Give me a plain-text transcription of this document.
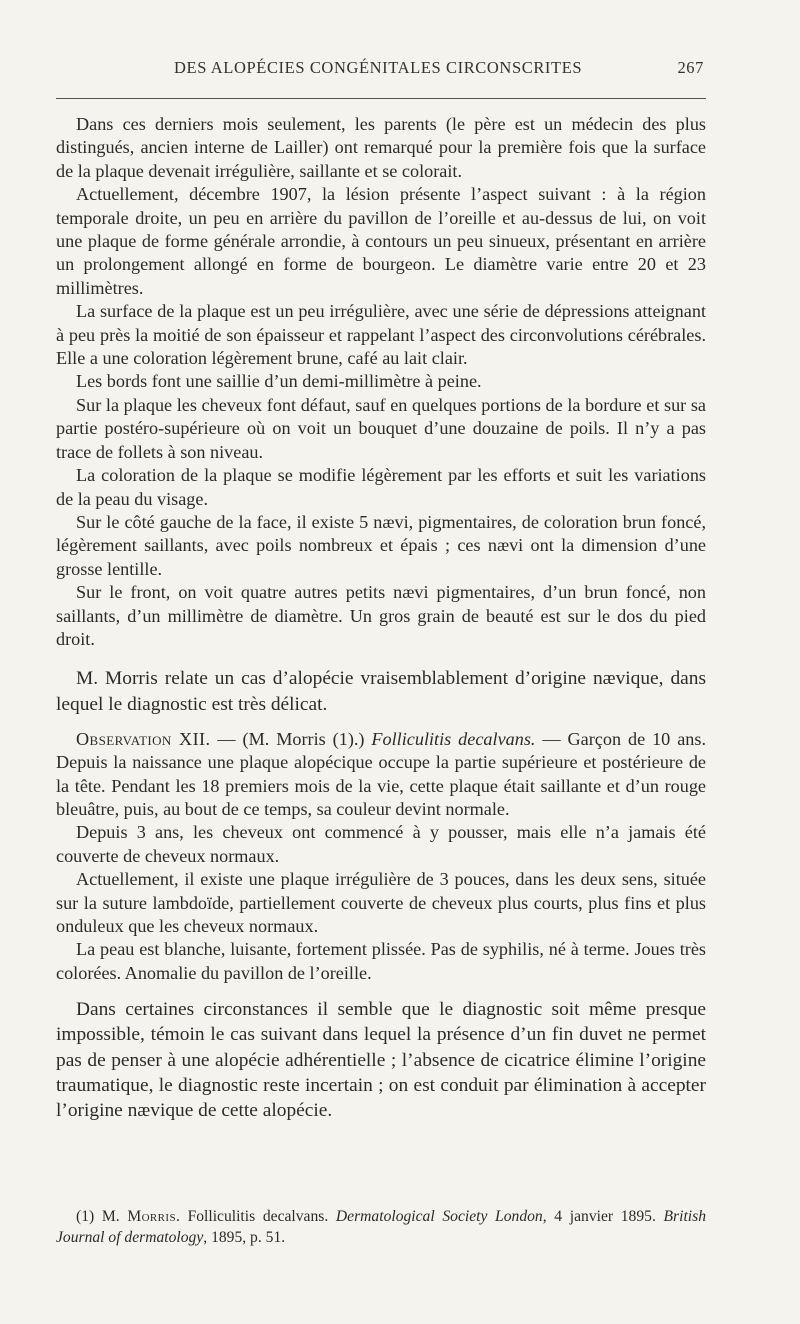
DES ALOPÉCIES CONGÉNITALES CIRCONSCRITES	267

Dans ces derniers mois seulement, les parents (le père est un médecin des plus distingués, ancien interne de Lailler) ont remarqué pour la première fois que la surface de la plaque devenait irrégulière, saillante et se colorait.

Actuellement, décembre 1907, la lésion présente l’aspect suivant : à la région temporale droite, un peu en arrière du pavillon de l’oreille et au-dessus de lui, on voit une plaque de forme générale arrondie, à contours un peu sinueux, présentant en arrière un prolongement allongé en forme de bourgeon. Le diamètre varie entre 20 et 23 millimètres.

La surface de la plaque est un peu irrégulière, avec une série de dépressions atteignant à peu près la moitié de son épaisseur et rappelant l’aspect des circonvolutions cérébrales. Elle a une coloration légèrement brune, café au lait clair.

Les bords font une saillie d’un demi-millimètre à peine.

Sur la plaque les cheveux font défaut, sauf en quelques portions de la bordure et sur sa partie postéro-supérieure où on voit un bouquet d’une douzaine de poils. Il n’y a pas trace de follets à son niveau.

La coloration de la plaque se modifie légèrement par les efforts et suit les variations de la peau du visage.

Sur le côté gauche de la face, il existe 5 nævi, pigmentaires, de coloration brun foncé, légèrement saillants, avec poils nombreux et épais ; ces nævi ont la dimension d’une grosse lentille.

Sur le front, on voit quatre autres petits nævi pigmentaires, d’un brun foncé, non saillants, d’un millimètre de diamètre. Un gros grain de beauté est sur le dos du pied droit.

M. Morris relate un cas d’alopécie vraisemblablement d’origine nævique, dans lequel le diagnostic est très délicat.

Observation XII. — (M. Morris (1).) Folliculitis decalvans. — Garçon de 10 ans. Depuis la naissance une plaque alopécique occupe la partie supérieure et postérieure de la tête. Pendant les 18 premiers mois de la vie, cette plaque était saillante et d’un rouge bleuâtre, puis, au bout de ce temps, sa couleur devint normale.

Depuis 3 ans, les cheveux ont commencé à y pousser, mais elle n’a jamais été couverte de cheveux normaux.

Actuellement, il existe une plaque irrégulière de 3 pouces, dans les deux sens, située sur la suture lambdoïde, partiellement couverte de cheveux plus courts, plus fins et plus onduleux que les cheveux normaux.

La peau est blanche, luisante, fortement plissée. Pas de syphilis, né à terme. Joues très colorées. Anomalie du pavillon de l’oreille.

Dans certaines circonstances il semble que le diagnostic soit même presque impossible, témoin le cas suivant dans lequel la présence d’un fin duvet ne permet pas de penser à une alopécie adhérentielle ; l’absence de cicatrice élimine l’origine traumatique, le diagnostic reste incertain ; on est conduit par élimination à accepter l’origine nævique de cette alopécie.

(1) M. Morris. Folliculitis decalvans. Dermatological Society London, 4 janvier 1895. British Journal of dermatology, 1895, p. 51.
